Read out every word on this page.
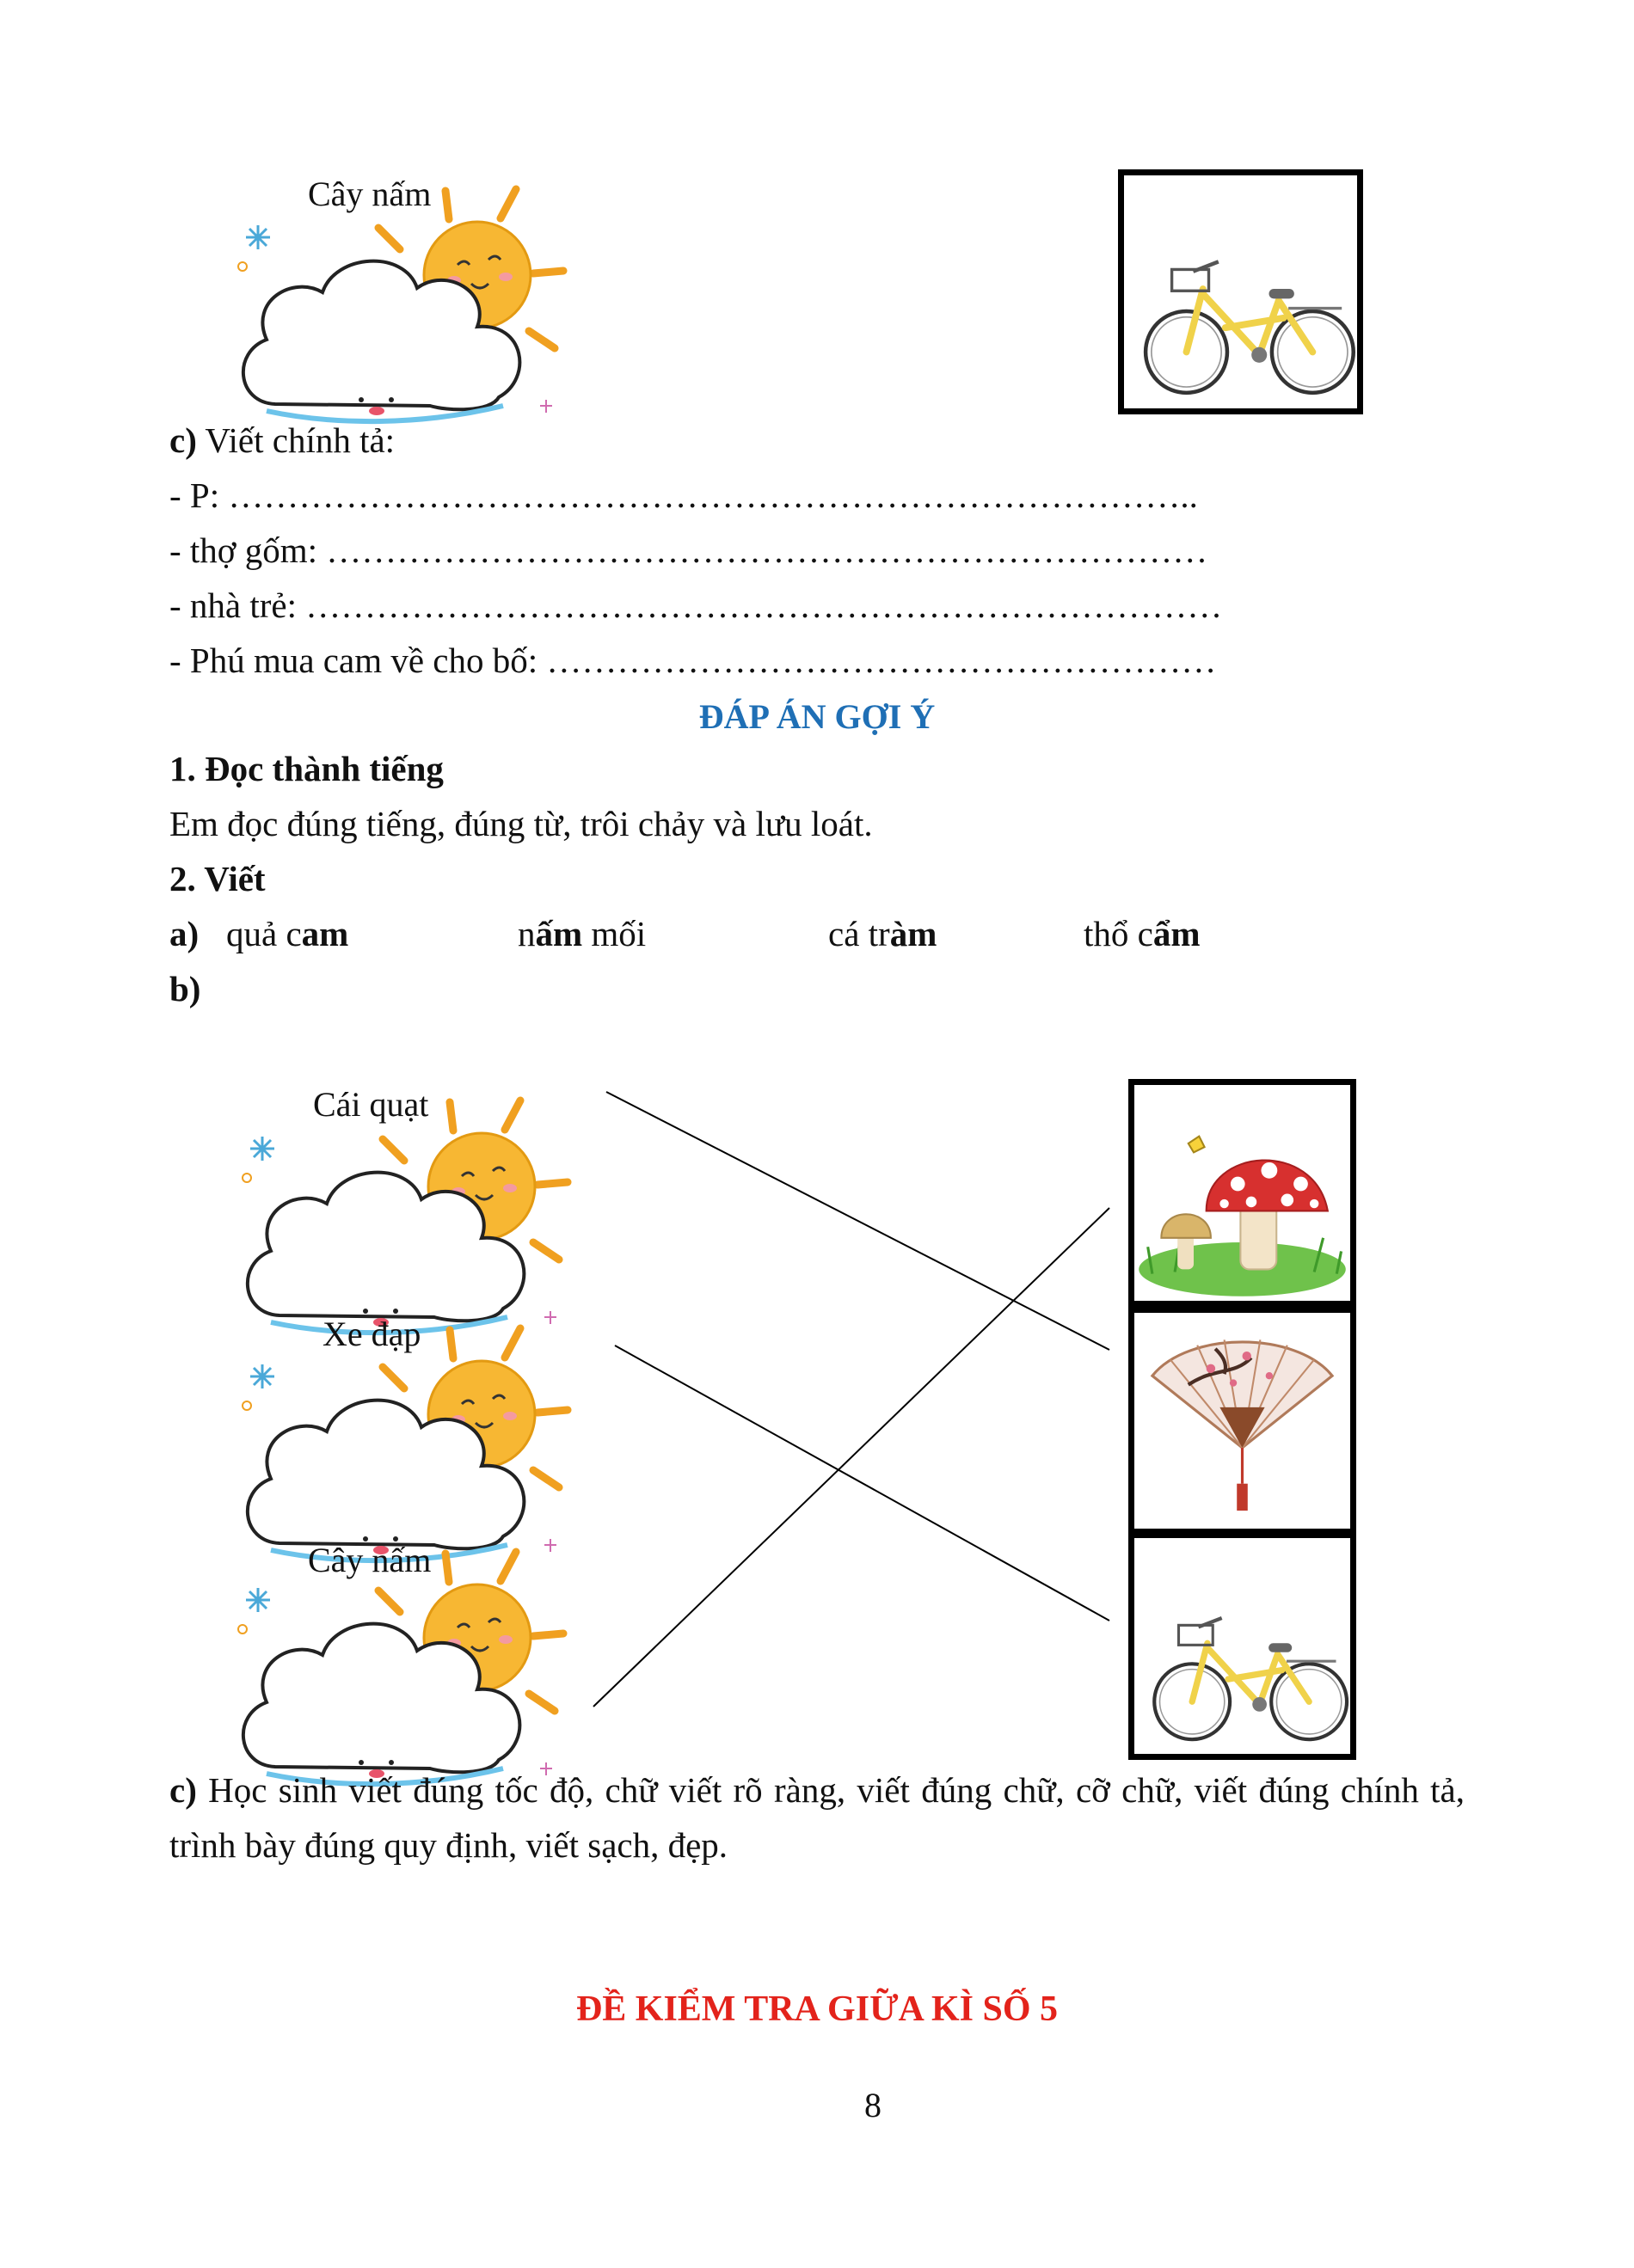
Cây nấm
c) Viết chính tả:
- P: ………………………………………………………………………..
- thợ gốm: …………………………………………………………………
- nhà trẻ: ……………………………………………………………………
- Phú mua cam về cho bố: …………………………………………………
ĐÁP ÁN GỢI Ý
1. Đọc thành tiếng
Em đọc đúng tiếng, đúng từ, trôi chảy và lưu loát.
2. Viết
a) quả cam	nấm mối	cá tràm	thổ cẩm
b)
Cái quạt
Xe đạp
Cây nấm
c) Học sinh viết đúng tốc độ, chữ viết rõ ràng, viết đúng chữ, cỡ chữ, viết đúng chính tả, trình bày đúng quy định, viết sạch, đẹp.
ĐỀ KIỂM TRA GIỮA KÌ SỐ 5
8
